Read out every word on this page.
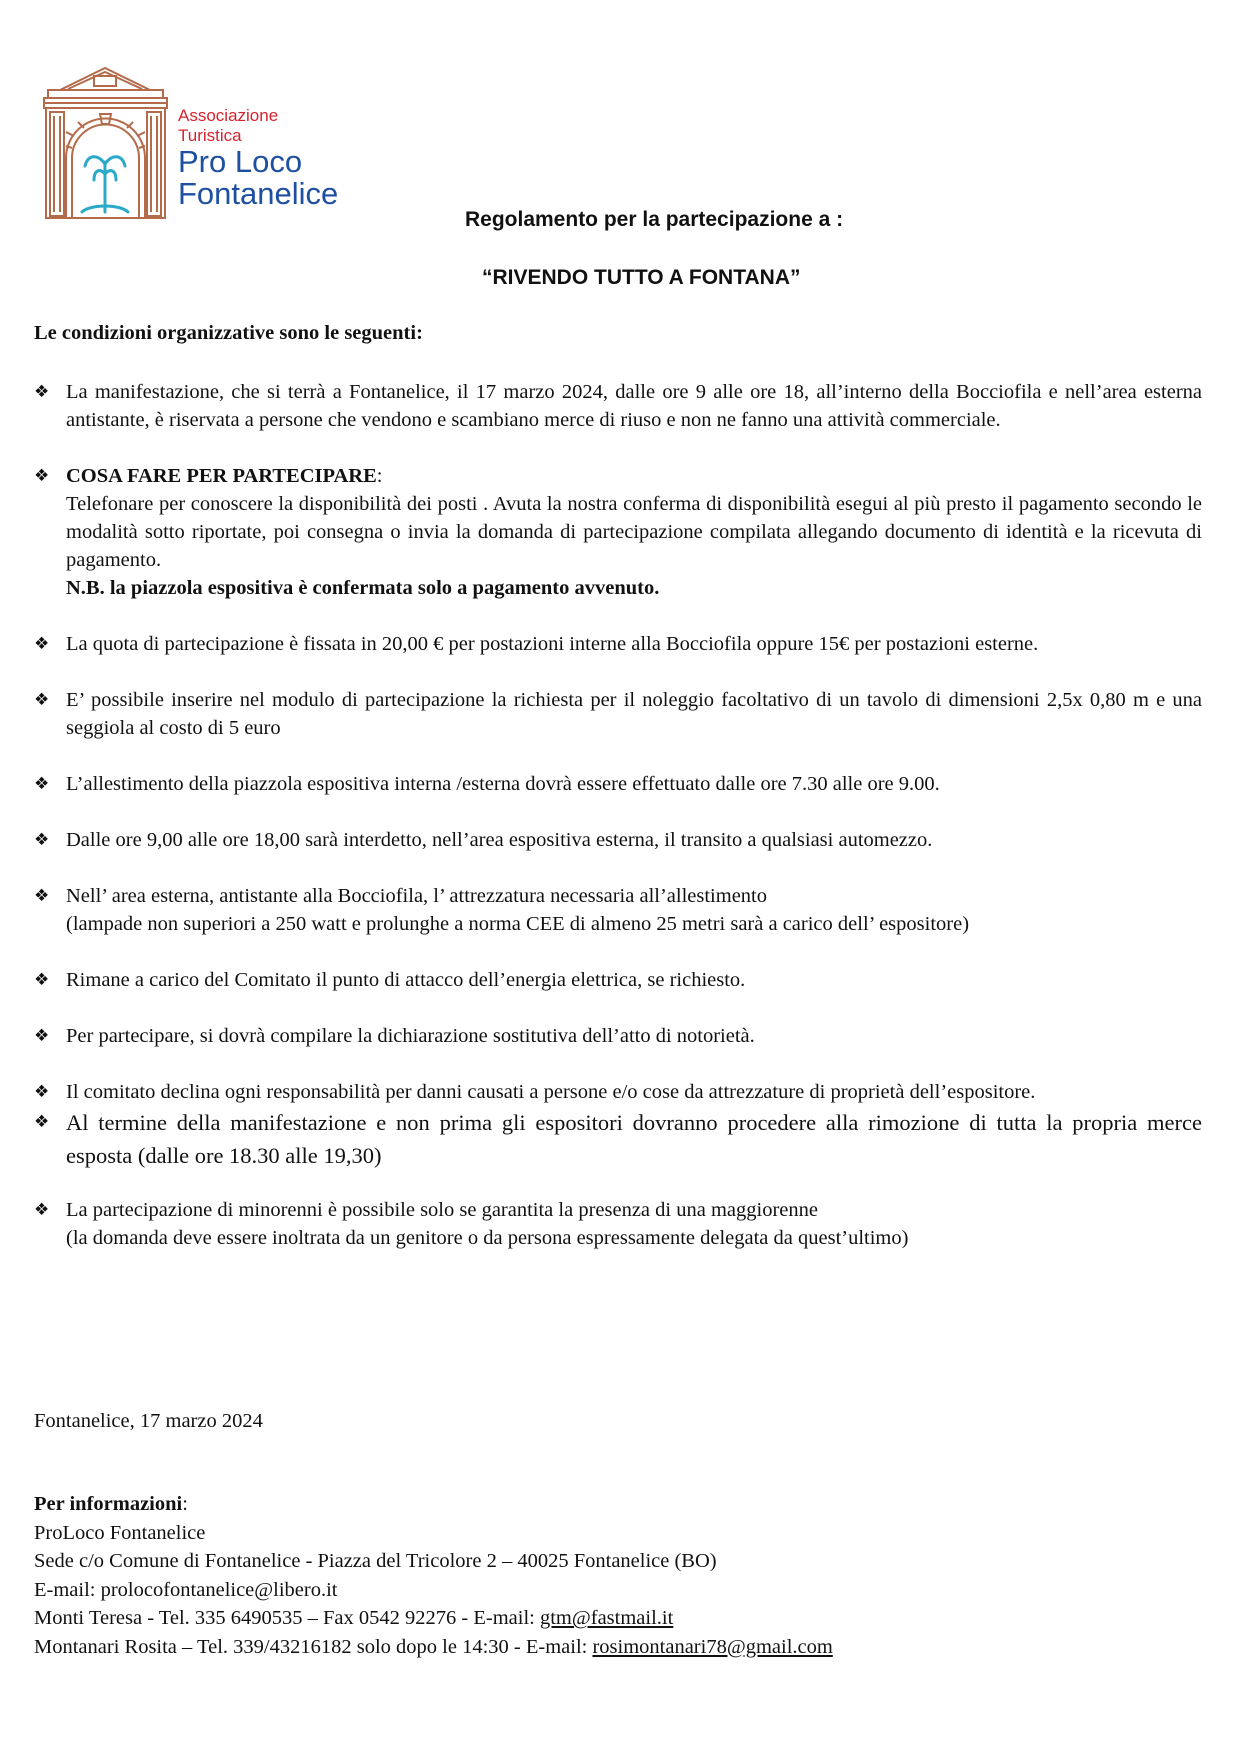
Associazione
Turistica
Pro Loco
Fontanelice
Regolamento per la partecipazione a :
“RIVENDO TUTTO A FONTANA”
Le condizioni organizzative sono le seguenti:
❖ La manifestazione, che si terrà a Fontanelice, il 17 marzo 2024, dalle ore 9 alle ore 18, all’interno della Bocciofila e nell’area esterna antistante, è riservata a persone che vendono e scambiano merce di riuso e non ne fanno una attività commerciale.
❖ COSA FARE PER PARTECIPARE:
Telefonare per conoscere la disponibilità dei posti . Avuta la nostra conferma di disponibilità esegui al più presto il pagamento secondo le modalità sotto riportate, poi consegna o invia la domanda di partecipazione compilata allegando documento di identità e la ricevuta di pagamento.
N.B. la piazzola espositiva è confermata solo a pagamento avvenuto.
❖ La quota di partecipazione è fissata in 20,00 € per postazioni interne alla Bocciofila oppure 15€ per postazioni esterne.
❖ E’ possibile inserire nel modulo di partecipazione la richiesta per il noleggio facoltativo di un tavolo di dimensioni 2,5x 0,80 m e una seggiola al costo di 5 euro
❖ L’allestimento della piazzola espositiva interna /esterna dovrà essere effettuato dalle ore 7.30 alle ore 9.00.
❖ Dalle ore 9,00 alle ore 18,00 sarà interdetto, nell’area espositiva esterna, il transito a qualsiasi automezzo.
❖ Nell’ area esterna, antistante alla Bocciofila, l’ attrezzatura necessaria all’allestimento
(lampade non superiori a 250 watt e prolunghe a norma CEE di almeno 25 metri sarà a carico dell’ espositore)
❖ Rimane a carico del Comitato il punto di attacco dell’energia elettrica, se richiesto.
❖ Per partecipare, si dovrà compilare la dichiarazione sostitutiva dell’atto di notorietà.
❖ Il comitato declina ogni responsabilità per danni causati a persone e/o cose da attrezzature di proprietà dell’espositore.
❖ Al termine della manifestazione e non prima gli espositori dovranno procedere alla rimozione di tutta la propria merce esposta (dalle ore 18.30 alle 19,30)
❖ La partecipazione di minorenni è possibile solo se garantita la presenza di una maggiorenne
(la domanda deve essere inoltrata da un genitore o da persona espressamente delegata da quest’ultimo)
Fontanelice, 17 marzo 2024
Per informazioni:
ProLoco Fontanelice
Sede c/o Comune di Fontanelice - Piazza del Tricolore 2 – 40025 Fontanelice (BO)
E-mail: prolocofontanelice@libero.it
Monti Teresa - Tel. 335 6490535 – Fax 0542 92276 - E-mail: gtm@fastmail.it
Montanari Rosita – Tel. 339/43216182 solo dopo le 14:30 - E-mail: rosimontanari78@gmail.com
